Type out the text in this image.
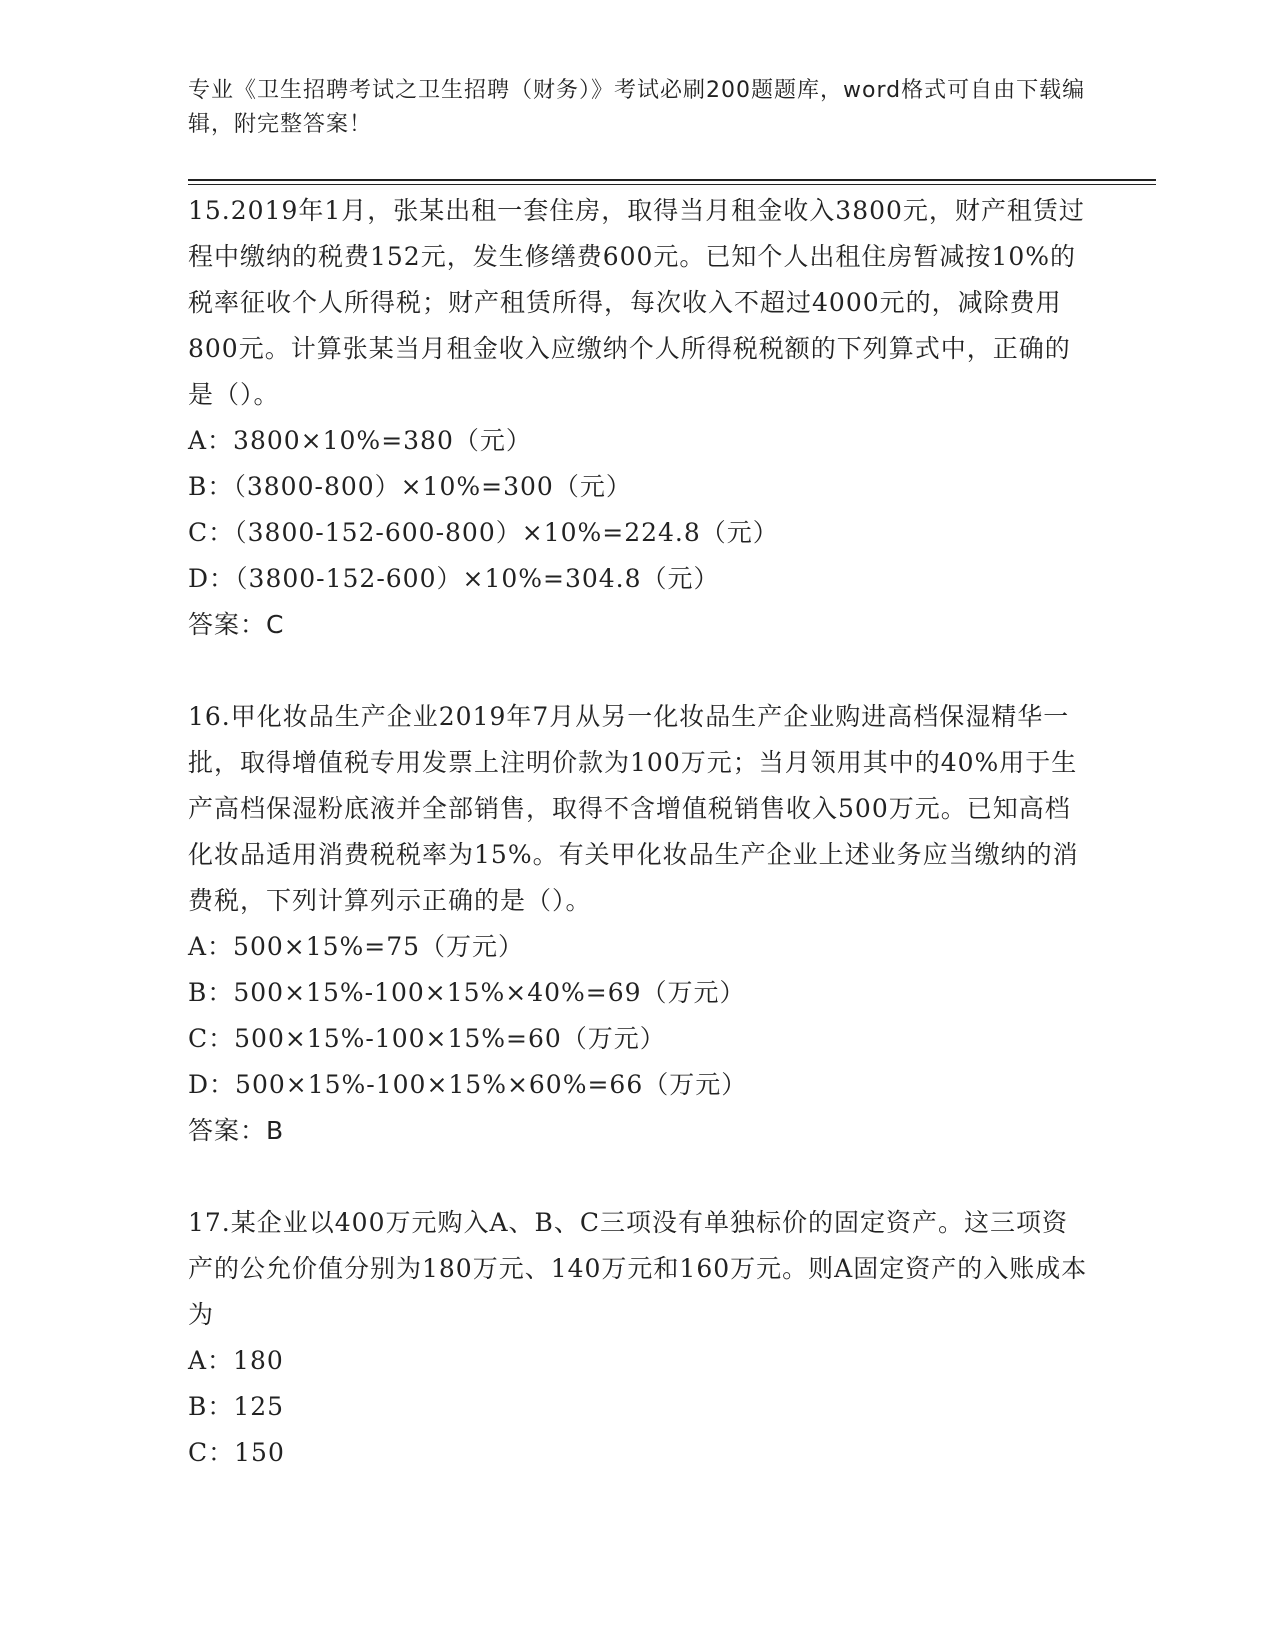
专业《卫生招聘考试之卫生招聘（财务）》考试必刷200题题库，word格式可自由下载编辑，附完整答案！

15.2019年1月，张某出租一套住房，取得当月租金收入3800元，财产租赁过程中缴纳的税费152元，发生修缮费600元。已知个人出租住房暂减按10%的税率征收个人所得税；财产租赁所得，每次收入不超过4000元的，减除费用800元。计算张某当月租金收入应缴纳个人所得税税额的下列算式中，正确的是（）。

A：3800×10%=380（元）

B：（3800-800）×10%=300（元）

C：（3800-152-600-800）×10%=224.8（元）

D：（3800-152-600）×10%=304.8（元）

答案：C

16.甲化妆品生产企业2019年7月从另一化妆品生产企业购进高档保湿精华一批，取得增值税专用发票上注明价款为100万元；当月领用其中的40%用于生产高档保湿粉底液并全部销售，取得不含增值税销售收入500万元。已知高档化妆品适用消费税税率为15%。有关甲化妆品生产企业上述业务应当缴纳的消费税，下列计算列示正确的是（）。

A：500×15%=75（万元）

B：500×15%-100×15%×40%=69（万元）

C：500×15%-100×15%=60（万元）

D：500×15%-100×15%×60%=66（万元）

答案：B

17.某企业以400万元购入A、B、C三项没有单独标价的固定资产。这三项资产的公允价值分别为180万元、140万元和160万元。则A固定资产的入账成本为

A：180

B：125

C：150
